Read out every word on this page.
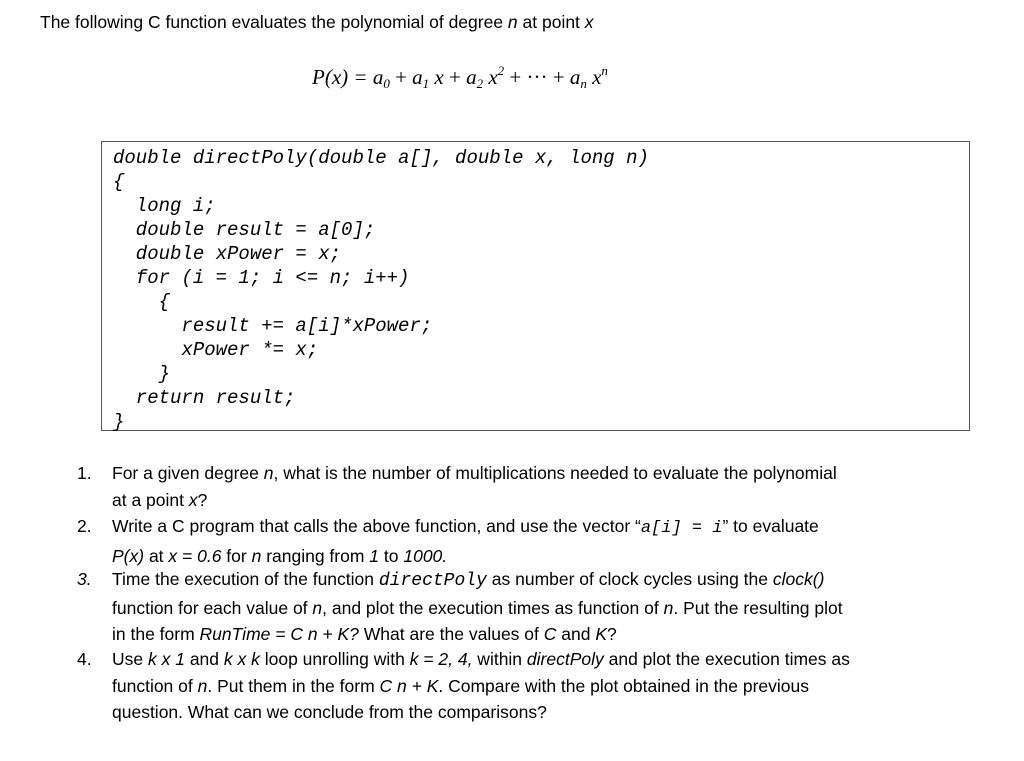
The following C function evaluates the polynomial of degree n at point x
$P(x) = a_0 + a_1$ $x + a_2$ $x^2$ + ··· + $a_n$ $x^n$
double directPoly(double a[], double x, long n)
{
long i;
double result = a[0];
double xPower = x;
for (i = 1; i <= n; i++)
{
result += a[i]*xPower;
xPower *= x;
}
return result;
}
1.	For a given degree n, what is the number of multiplications needed to evaluate the polynomial
at a point x?
2.	Write a C program that calls the above function, and use the vector “a[i] = i” to evaluate
P(x) at x = 0.6 for n ranging from 1 to 1000.
3.	Time the execution of the function directPoly as number of clock cycles using the clock()
function for each value of n, and plot the execution times as function of n. Put the resulting plot
in the form RunTime = C n + K? What are the values of C and K?
4.	Use k x 1 and k x k loop unrolling with k = 2, 4, within directPoly and plot the execution times as
function of n. Put them in the form C n + K. Compare with the plot obtained in the previous
question. What can we conclude from the comparisons?
